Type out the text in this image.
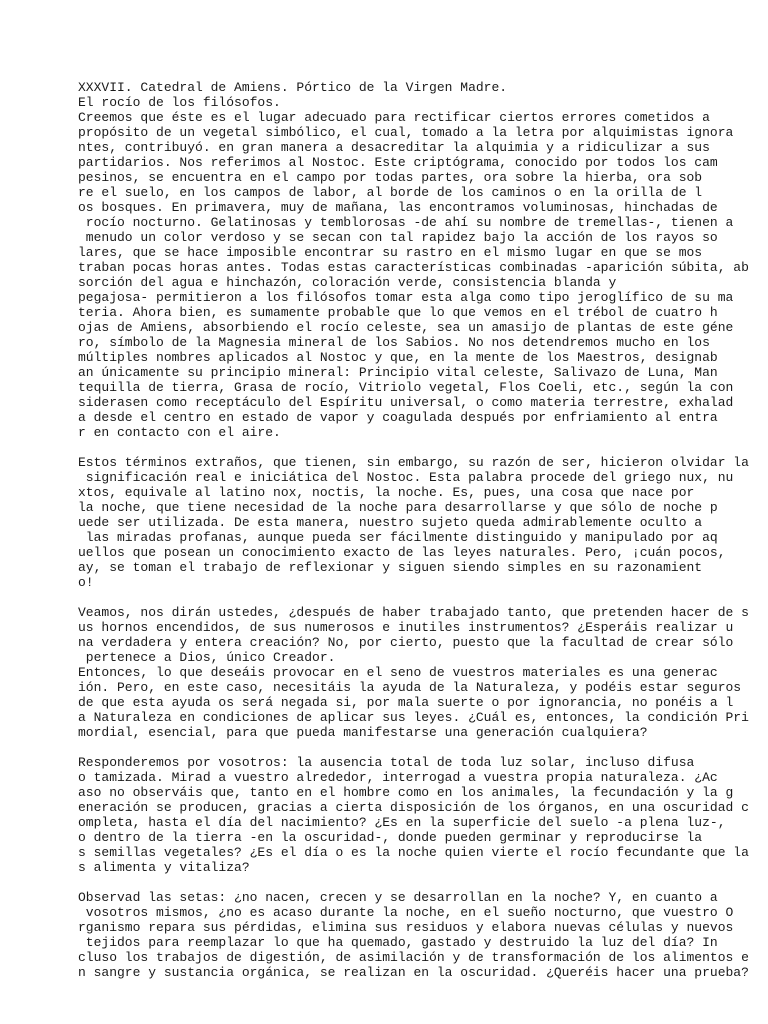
XXXVII. Catedral de Amiens. Pórtico de la Virgen Madre.
El rocío de los filósofos.
Creemos que éste es el lugar adecuado para rectificar ciertos errores cometidos a
propósito de un vegetal simbólico, el cual, tomado a la letra por alquimistas ignora
ntes, contribuyó. en gran manera a desacreditar la alquimia y a ridiculizar a sus
partidarios. Nos referimos al Nostoc. Este criptógrama, conocido por todos los cam
pesinos, se encuentra en el campo por todas partes, ora sobre la hierba, ora sob
re el suelo, en los campos de labor, al borde de los caminos o en la orilla de l
os bosques. En primavera, muy de mañana, las encontramos voluminosas, hinchadas de
rocío nocturno. Gelatinosas y temblorosas -de ahí su nombre de tremellas-, tienen a
menudo un color verdoso y se secan con tal rapidez bajo la acción de los rayos so
lares, que se hace imposible encontrar su rastro en el mismo lugar en que se mos
traban pocas horas antes. Todas estas características combinadas -aparición súbita, ab
sorción del agua e hinchazón, coloración verde, consistencia blanda y
pegajosa- permitieron a los filósofos tomar esta alga como tipo jeroglífico de su ma
teria. Ahora bien, es sumamente probable que lo que vemos en el trébol de cuatro h
ojas de Amiens, absorbiendo el rocío celeste, sea un amasijo de plantas de este géne
ro, símbolo de la Magnesia mineral de los Sabios. No nos detendremos mucho en los
múltiples nombres aplicados al Nostoc y que, en la mente de los Maestros, designab
an únicamente su principio mineral: Principio vital celeste, Salivazo de Luna, Man
tequilla de tierra, Grasa de rocío, Vitriolo vegetal, Flos Coeli, etc., según la con
siderasen como receptáculo del Espíritu universal, o como materia terrestre, exhalad
a desde el centro en estado de vapor y coagulada después por enfriamiento al entra
r en contacto con el aire.
Estos términos extraños, que tienen, sin embargo, su razón de ser, hicieron olvidar la
significación real e iniciática del Nostoc. Esta palabra procede del griego nux, nu
xtos, equivale al latino nox, noctis, la noche. Es, pues, una cosa que nace por
la noche, que tiene necesidad de la noche para desarrollarse y que sólo de noche p
uede ser utilizada. De esta manera, nuestro sujeto queda admirablemente oculto a
las miradas profanas, aunque pueda ser fácilmente distinguido y manipulado por aq
uellos que posean un conocimiento exacto de las leyes naturales. Pero, ¡cuán pocos,
ay, se toman el trabajo de reflexionar y siguen siendo simples en su razonamient
o!
Veamos, nos dirán ustedes, ¿después de haber trabajado tanto, que pretenden hacer de s
us hornos encendidos, de sus numerosos e inutiles instrumentos? ¿Esperáis realizar u
na verdadera y entera creación? No, por cierto, puesto que la facultad de crear sólo
pertenece a Dios, único Creador.
Entonces, lo que deseáis provocar en el seno de vuestros materiales es una generac
ión. Pero, en este caso, necesitáis la ayuda de la Naturaleza, y podéis estar seguros
de que esta ayuda os será negada si, por mala suerte o por ignorancia, no ponéis a l
a Naturaleza en condiciones de aplicar sus leyes. ¿Cuál es, entonces, la condición Pri
mordial, esencial, para que pueda manifestarse una generación cualquiera?
Responderemos por vosotros: la ausencia total de toda luz solar, incluso difusa
o tamizada. Mirad a vuestro alrededor, interrogad a vuestra propia naturaleza. ¿Ac
aso no observáis que, tanto en el hombre como en los animales, la fecundación y la g
eneración se producen, gracias a cierta disposición de los órganos, en una oscuridad c
ompleta, hasta el día del nacimiento? ¿Es en la superficie del suelo -a plena luz-,
o dentro de la tierra -en la oscuridad-, donde pueden germinar y reproducirse la
s semillas vegetales? ¿Es el día o es la noche quien vierte el rocío fecundante que la
s alimenta y vitaliza?
Observad las setas: ¿no nacen, crecen y se desarrollan en la noche? Y, en cuanto a
vosotros mismos, ¿no es acaso durante la noche, en el sueño nocturno, que vuestro O
rganismo repara sus pérdidas, elimina sus residuos y elabora nuevas células y nuevos
tejidos para reemplazar lo que ha quemado, gastado y destruido la luz del día? In
cluso los trabajos de digestión, de asimilación y de transformación de los alimentos e
n sangre y sustancia orgánica, se realizan en la oscuridad. ¿Queréis hacer una prueba?
